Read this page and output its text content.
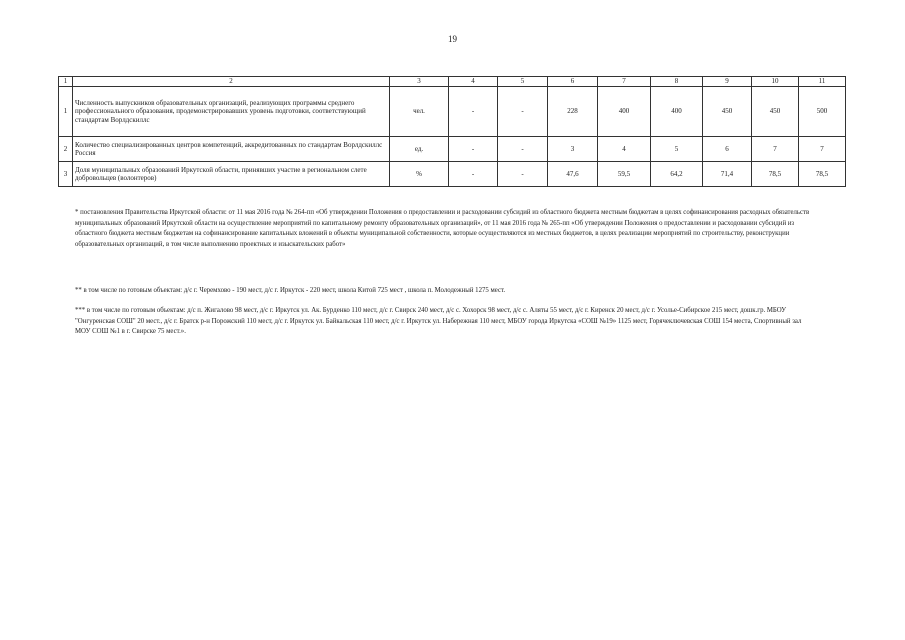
19
1	2	3	4	5	6	7	8	9	10	11
1	Численность выпускников образовательных организаций, реализующих программы среднего профессионального образования, продемонстрировавших уровень подготовки, соответствующий стандартам Ворлдскиллс	чел.	-	-	228	400	400	450	450	500
2	Количество специализированных центров компетенций, аккредитованных по стандартам Ворлдскиллс Россия	ед.	-	-	3	4	5	6	7	7
3	Доля муниципальных образований Иркутской области, принявших участие в региональном слете добровольцев (волонтеров)	%	-	-	47,6	59,5	64,2	71,4	78,5	78,5
* постановления Правительства Иркутской области: от 11 мая 2016 года № 264-пп «Об утверждении Положения о предоставлении и расходовании субсидий из областного бюджета местным бюджетам в целях софинансирования расходных обязательств муниципальных образований Иркутской области на осуществление мероприятий по капитальному ремонту образовательных организаций», от 11 мая 2016 года № 265-пп «Об утверждении Положения о предоставлении и расходовании субсидий из областного бюджета местным бюджетам на софинансирование капитальных вложений в объекты муниципальной собственности, которые осуществляются из местных бюджетов, в целях реализации мероприятий по строительству, реконструкции образовательных организаций, в том числе выполнению проектных и изыскательских работ»
** в том числе по готовым объектам: д/с г. Черемхово - 190 мест, д/с г. Иркутск - 220 мест, школа Китой 725 мест , школа п. Молодежный 1275 мест.
*** в том числе по готовым объектам: д/с п. Жигалово 98 мест, д/с г. Иркутск ул. Ак. Бурденко 110 мест, д/с г. Свирск 240 мест, д/с с. Хохорск 98 мест, д/с с. Аляты 55 мест, д/с г. Киренск 20 мест, д/с г. Усолье-Сибирское 215 мест, дошк.гр. МБОУ "Онгуренская СОШ" 20 мест., д/с г. Братск р-н Порожский 110 мест, д/с г. Иркутск ул. Байкальская 110 мест, д/с г. Иркутск ул. Набережная 110 мест, МБОУ города Иркутска «СОШ №19» 1125 мест, Горячеключевская СОШ 154 места, Спортивный зал МОУ СОШ №1 в г. Свирске 75 мест.».
